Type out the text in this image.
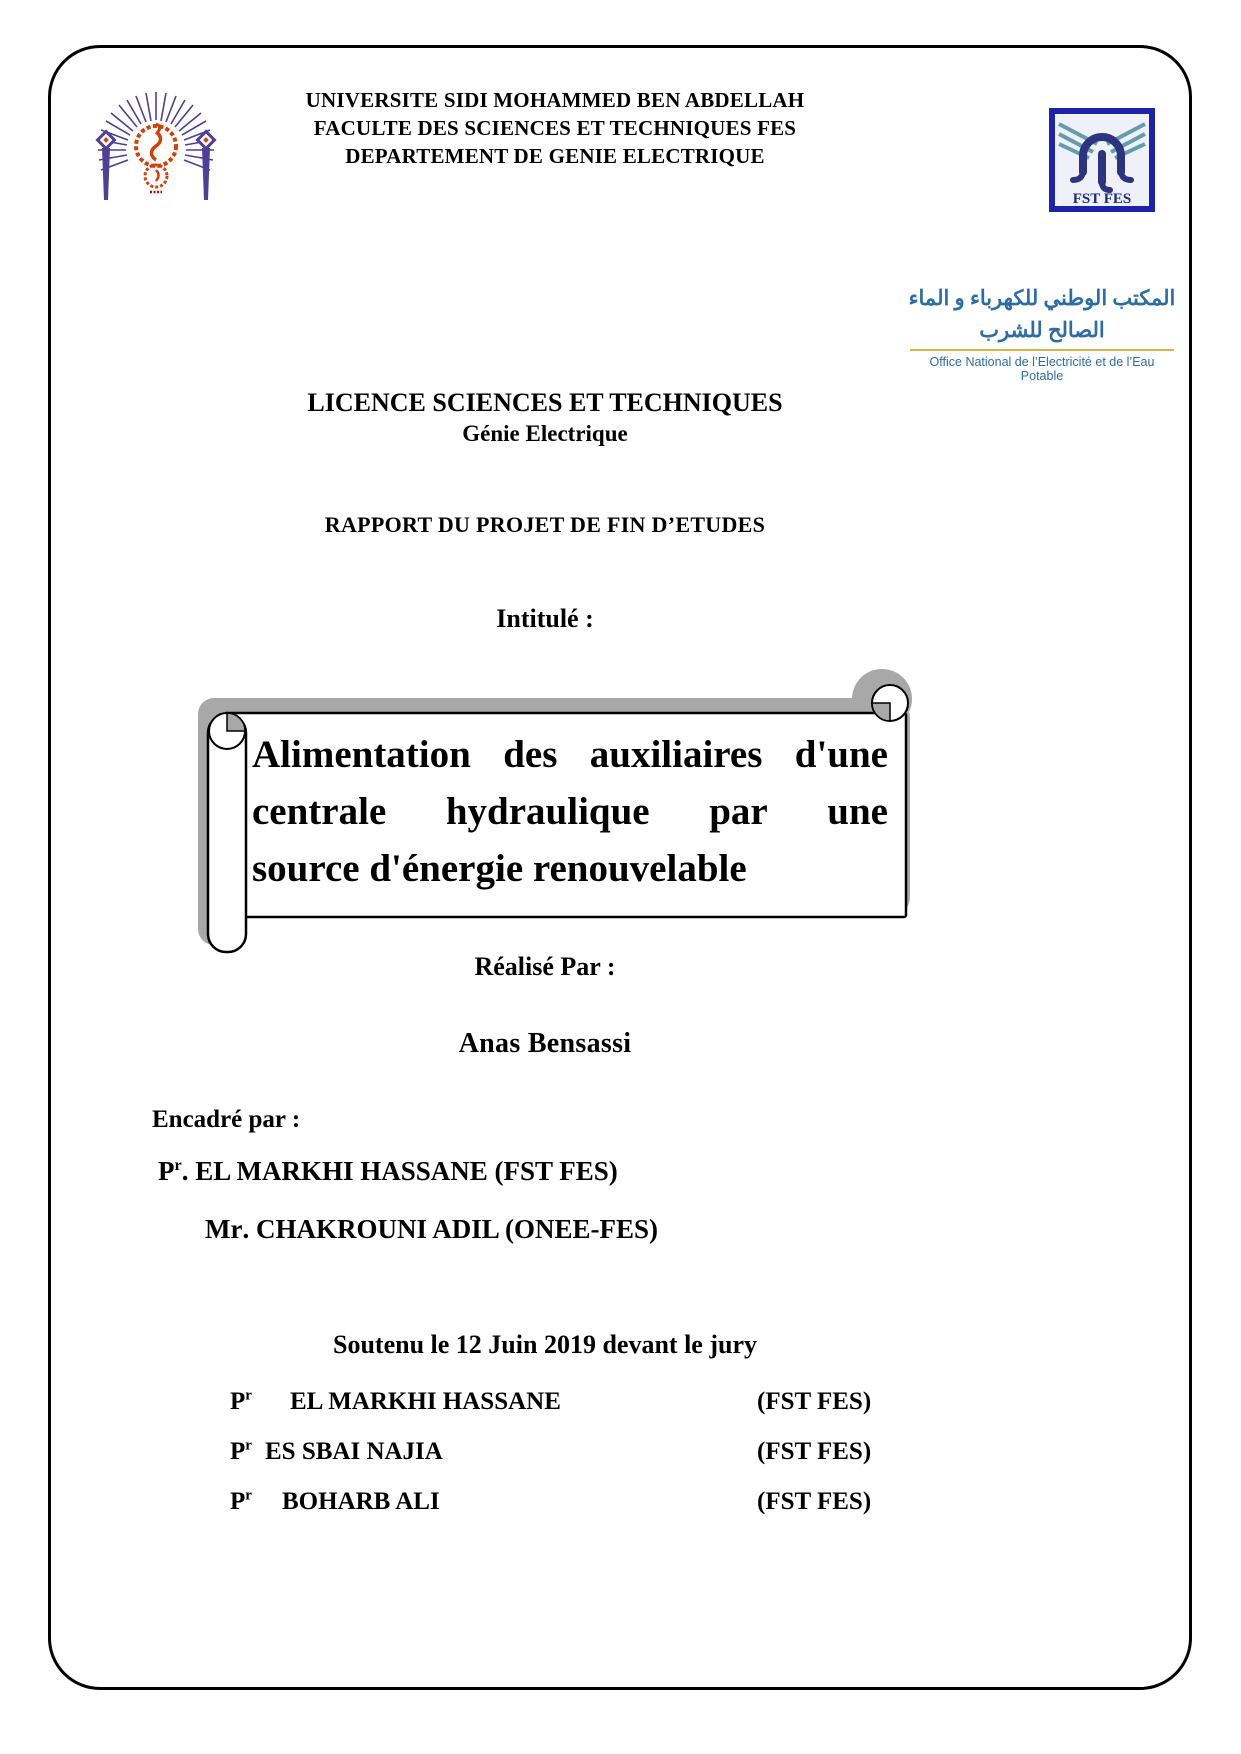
UNIVERSITE SIDI MOHAMMED BEN ABDELLAH
FACULTE DES SCIENCES ET TECHNIQUES FES
DEPARTEMENT DE GENIE ELECTRIQUE
FST FES
المكتب الوطني للكهرباء و الماء الصالح للشرب
Office National de l’Electricité et de l’Eau Potable
LICENCE SCIENCES ET TECHNIQUES
Génie Electrique
RAPPORT DU PROJET DE FIN D’ETUDES
Intitulé :
Alimentation des auxiliaires d'une
centrale hydraulique par une
source d'énergie renouvelable
Réalisé Par :
Anas Bensassi
Encadré par :
$P^r$. EL MARKHI HASSANE (FST FES)
Mr. CHAKROUNI ADIL (ONEE-FES)
Soutenu le 12 Juin 2019 devant le jury
$P^r$ EL MARKHI HASSANE	(FST FES)
$P^r$ ES SBAI NAJIA	(FST FES)
$P^r$ BOHARB ALI	(FST FES)
